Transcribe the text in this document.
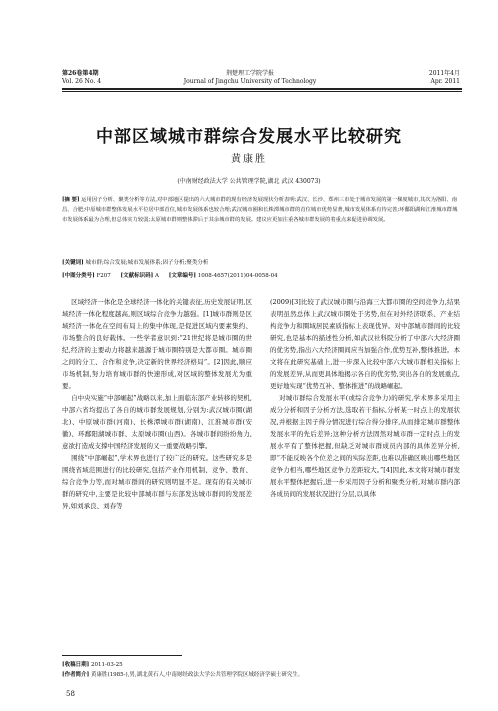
第26卷第4期
Vol. 26 No. 4
荆楚理工学院学报
Journal of Jingchu University of Technology
2011年4月
Apr. 2011
中部区域城市群综合发展水平比较研究
黄康胜
(中南财经政法大学 公共管理学院,湖北 武汉 430073)
[摘 要] 运用因子分析、聚类分析等方法,对中部地区提出的六大城市群的现有经济发展现状分析表明:武汉、长沙、郑州三市处于城市发展的第一梯度城市,其次为洛阳、南昌、合肥;中原城市群整体发展水平位居中部首位,城市发展体系也较合理;武汉城市圈和长株潭城市群的首位城市优势显著,城市发展体系有待完善;环鄱阳湖和江淮城市群城市发展体系最为合理,但总体实力较弱;太原城市群则整体滞后于其余城市群的发展。建议应更加注重各城市群发展的着重点来促进协调发展。
[关键词] 城市群;综合发展;城市发展体系;因子分析;聚类分析
[中图分类号] F207 [文献标识码] A [文章编号] 1008-4657(2011)04-0058-04

区域经济一体化是全球经济一体化的关键表征,历史发展证明,区域经济一体化程度越高,则区域综合竞争力越强。[1]城市群则是区域经济一体化在空间布局上的集中体现,是促进区域内要素集约、市场整合的良好载体。一些学者意识到:“21世纪将是城市圈的世纪,经济的主要动力将越来越源于城市圈特别是大都市圈。城市圈之间的分工、合作和竞争,决定新的世界经济格局”。[2]因此,顺应市场机制,努力培育城市群的快速形成,对区域的整体发展尤为重要。

自中央实施“中部崛起”战略以来,加上面临东部产业转移的契机,中部六省均提出了各自的城市群发展规划,分别为:武汉城市圈(湖北)、中原城市群(河南)、长株潭城市群(湖南)、江淮城市群(安徽)、环鄱阳湖城市群、太原城市圈(山西)。各城市群间纷纷角力,意欲打造成支撑中国经济发展的又一重要战略引擎。

围绕“中部崛起”,学术界也进行了较广泛的研究。这些研究多是围绕省域范围进行的比较研究,包括产业作用机制、竞争、教育、综合竞争力等,而对城市群间的研究则明显不足。现有的有关城市群的研究中,主要是比较中部城市群与东部发达城市群间的发展差异,如刘承良、刘春等

(2009)[3]比较了武汉城市圈与沿海三大都市圈的空间竞争力,结果表明虽然总体上武汉城市圈处于劣势,但在对外经济联系、产业结构竞争力和圈域居民素质指标上表现优异。对中部城市群间的比较研究,也是基本的描述性分析,如武汉社科院分析了中部六大经济圈的优劣势,指出六大经济圈间应当加强合作,优势互补,整体推进。本文将在此研究基础上,进一步深入比较中部六大城市群相关指标上的发展差异,从而更具体地揭示各自的优劣势,突出各自的发展重点,更好地实现“优势互补、整体推进”的战略崛起。

对城市群综合发展水平(或综合竞争力)的研究,学术界多采用主成分分析和因子分析方法,选取若干指标,分析某一时点上的发展状况,并根据主因子得分情况进行综合得分排序,从而排定城市群整体发展水平的先后差异;这种分析方法固然对城市群一定时点上的发展水平有了整体把握,但缺乏对城市群成员内部的具体差异分析,即“不能反映各个位差之间的实际差距,也难以准确区映出哪些地区竞争力相当,哪些地区竞争力差距较大。”[4]因此,本文将对城市群发展水平整体把握后,进一步采用因子分析和聚类分析,对城市群内部各成员间的发展状况进行分层,以具体

[收稿日期] 2011-03-25
[作者简介] 黄康胜(1985-),男,湖北黄石人,中南财经政法大学公共管理学院区域经济学硕士研究生。
58
